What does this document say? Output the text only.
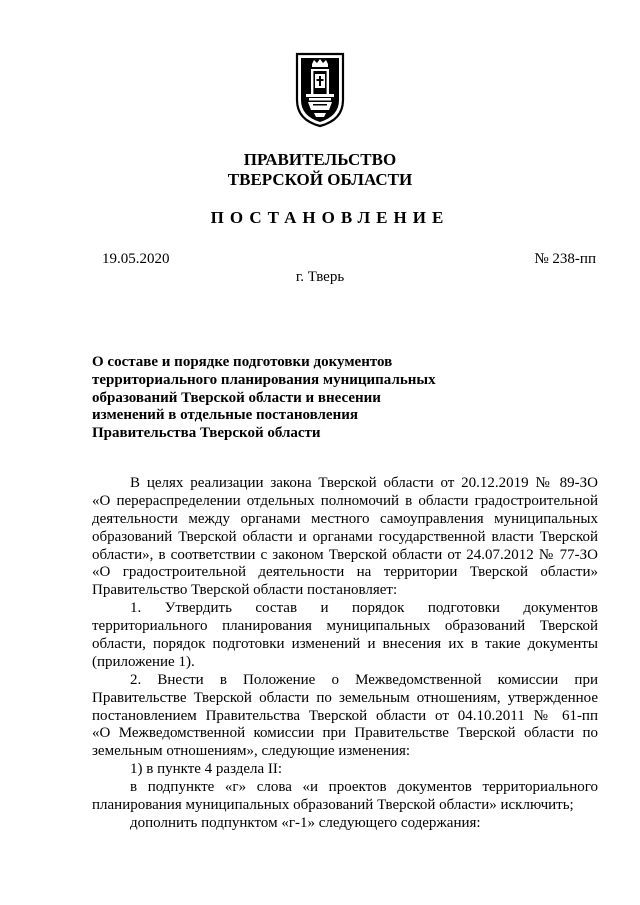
ПРАВИТЕЛЬСТВО
ТВЕРСКОЙ ОБЛАСТИ
ПОСТАНОВЛЕНИЕ
19.05.2020	№ 238-пп
г. Тверь
О составе и порядке подготовки документов
территориального планирования муниципальных
образований Тверской области и внесении
изменений в отдельные постановления
Правительства Тверской области
В целях реализации закона Тверской области от 20.12.2019 № 89-ЗО
«О перераспределении отдельных полномочий в области градостроительной
деятельности между органами местного самоуправления муниципальных
образований Тверской области и органами государственной власти Тверской
области», в соответствии с законом Тверской области от 24.07.2012 № 77-ЗО
«О градостроительной деятельности на территории Тверской области»
Правительство Тверской области постановляет:
1. Утвердить состав и порядок подготовки документов
территориального планирования муниципальных образований Тверской
области, порядок подготовки изменений и внесения их в такие документы
(приложение 1).
2. Внести в Положение о Межведомственной комиссии при
Правительстве Тверской области по земельным отношениям, утвержденное
постановлением Правительства Тверской области от 04.10.2011 № 61-пп
«О Межведомственной комиссии при Правительстве Тверской области по
земельным отношениям», следующие изменения:
1) в пункте 4 раздела II:
в подпункте «г» слова «и проектов документов территориального
планирования муниципальных образований Тверской области» исключить;
дополнить подпунктом «г-1» следующего содержания:
